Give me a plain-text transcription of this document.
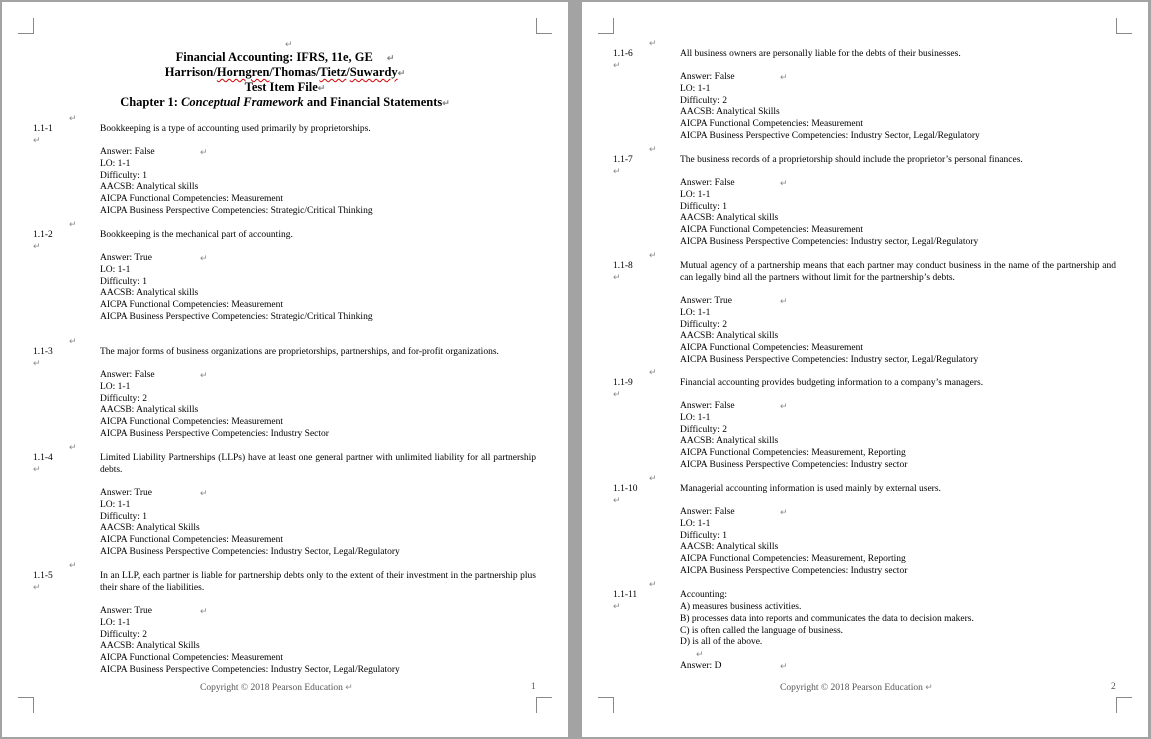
↵
Financial Accounting: IFRS, 11e, GE ↵
Harrison/Horngren/Thomas/Tietz/Suwardy↵
Test Item File↵
Chapter 1: Conceptual Framework and Financial Statements↵
↵
1.1-1	Bookkeeping is a type of accounting used primarily by proprietorships.
↵
Answer: False
LO: 1-1
Difficulty: 1
AACSB: Analytical skills
AICPA Functional Competencies: Measurement
AICPA Business Perspective Competencies: Strategic/Critical Thinking
↵
↵
1.1-2	Bookkeeping is the mechanical part of accounting.
↵
Answer: True
LO: 1-1
Difficulty: 1
AACSB: Analytical skills
AICPA Functional Competencies: Measurement
AICPA Business Perspective Competencies: Strategic/Critical Thinking
↵
↵
1.1-3	The major forms of business organizations are proprietorships, partnerships, and for-profit organizations.
↵
Answer: False
LO: 1-1
Difficulty: 2
AACSB: Analytical skills
AICPA Functional Competencies: Measurement
AICPA Business Perspective Competencies: Industry Sector
↵
↵
1.1-4	Limited Liability Partnerships (LLPs) have at least one general partner with unlimited liability for all partnership debts.
↵
Answer: True
LO: 1-1
Difficulty: 1
AACSB: Analytical Skills
AICPA Functional Competencies: Measurement
AICPA Business Perspective Competencies: Industry Sector, Legal/Regulatory
↵
↵
1.1-5	In an LLP, each partner is liable for partnership debts only to the extent of their investment in the partnership plus their share of the liabilities.
↵
Answer: True
LO: 1-1
Difficulty: 2
AACSB: Analytical Skills
AICPA Functional Competencies: Measurement
AICPA Business Perspective Competencies: Industry Sector, Legal/Regulatory
↵
Copyright © 2018 Pearson Education ↵	1
↵
1.1-6	All business owners are personally liable for the debts of their businesses.
↵
Answer: False
LO: 1-1
Difficulty: 2
AACSB: Analytical Skills
AICPA Functional Competencies: Measurement
AICPA Business Perspective Competencies: Industry Sector, Legal/Regulatory
↵
↵
1.1-7	The business records of a proprietorship should include the proprietor’s personal finances.
↵
Answer: False
LO: 1-1
Difficulty: 1
AACSB: Analytical skills
AICPA Functional Competencies: Measurement
AICPA Business Perspective Competencies: Industry sector, Legal/Regulatory
↵
↵
1.1-8	Mutual agency of a partnership means that each partner may conduct business in the name of the partnership and can legally bind all the partners without limit for the partnership’s debts.
↵
Answer: True
LO: 1-1
Difficulty: 2
AACSB: Analytical skills
AICPA Functional Competencies: Measurement
AICPA Business Perspective Competencies: Industry sector, Legal/Regulatory
↵
↵
1.1-9	Financial accounting provides budgeting information to a company’s managers.
↵
Answer: False
LO: 1-1
Difficulty: 2
AACSB: Analytical skills
AICPA Functional Competencies: Measurement, Reporting
AICPA Business Perspective Competencies: Industry sector
↵
↵
1.1-10	Managerial accounting information is used mainly by external users.
↵
Answer: False
LO: 1-1
Difficulty: 1
AACSB: Analytical skills
AICPA Functional Competencies: Measurement, Reporting
AICPA Business Perspective Competencies: Industry sector
↵
↵
1.1-11	Accounting:
↵	A) measures business activities.
B) processes data into reports and communicates the data to decision makers.
C) is often called the language of business.
D) is all of the above.
↵
Answer: D	↵
Copyright © 2018 Pearson Education ↵	2
